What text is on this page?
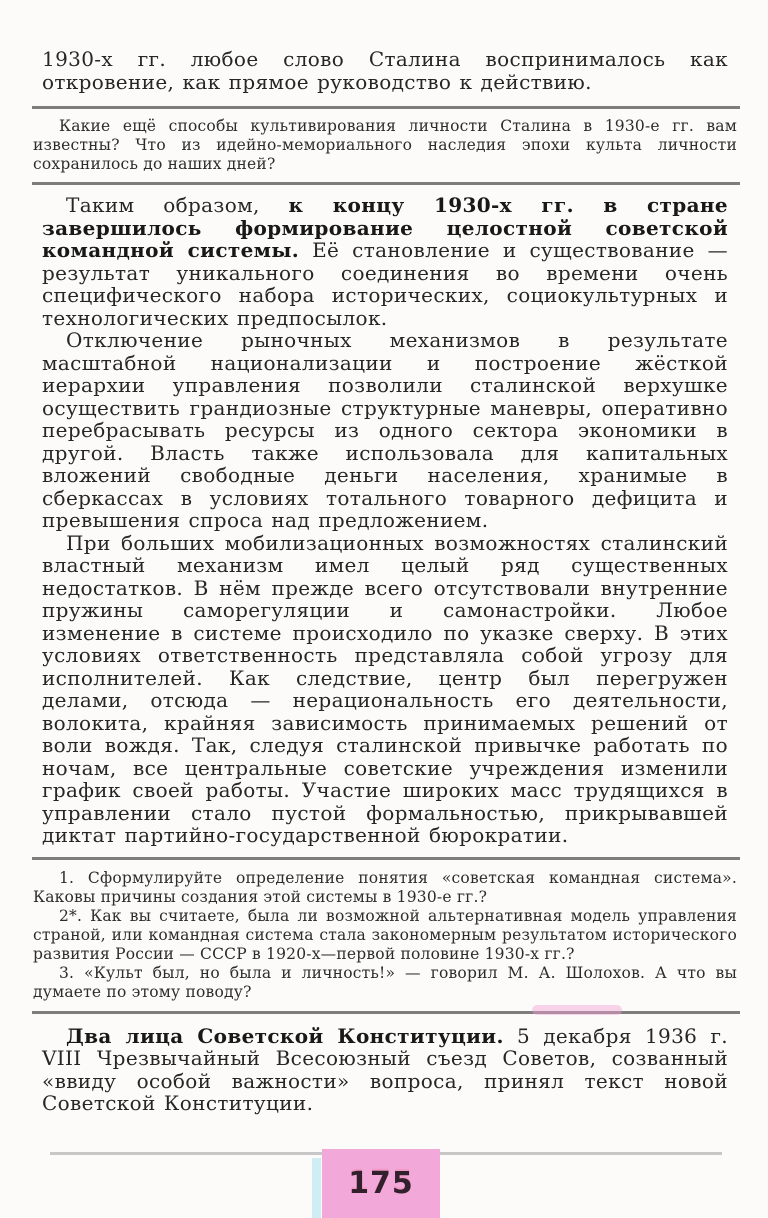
1930-х гг. любое слово Сталина воспринималось как откровение, как прямое руководство к действию.

Какие ещё способы культивирования личности Сталина в 1930-е гг. вам известны? Что из идейно-мемориального наследия эпохи культа личности сохранилось до наших дней?

Таким образом, к концу 1930-х гг. в стране завершилось формирование целостной советской командной системы. Её становление и существование — результат уникального соединения во времени очень специфического набора исторических, социокультурных и технологических предпосылок.

Отключение рыночных механизмов в результате масштабной национализации и построение жёсткой иерархии управления позволили сталинской верхушке осуществить грандиозные структурные маневры, оперативно перебрасывать ресурсы из одного сектора экономики в другой. Власть также использовала для капитальных вложений свободные деньги населения, хранимые в сберкассах в условиях тотального товарного дефицита и превышения спроса над предложением.

При больших мобилизационных возможностях сталинский властный механизм имел целый ряд существенных недостатков. В нём прежде всего отсутствовали внутренние пружины саморегуляции и самонастройки. Любое изменение в системе происходило по указке сверху. В этих условиях ответственность представляла собой угрозу для исполнителей. Как следствие, центр был перегружен делами, отсюда — нерациональность его деятельности, волокита, крайняя зависимость принимаемых решений от воли вождя. Так, следуя сталинской привычке работать по ночам, все центральные советские учреждения изменили график своей работы. Участие широких масс трудящихся в управлении стало пустой формальностью, прикрывавшей диктат партийно-государственной бюрократии.

1. Сформулируйте определение понятия «советская командная система». Каковы причины создания этой системы в 1930-е гг.?

2*. Как вы считаете, была ли возможной альтернативная модель управления страной, или командная система стала закономерным результатом исторического развития России — СССР в 1920-х—первой половине 1930-х гг.?

3. «Культ был, но была и личность!» — говорил М. А. Шолохов. А что вы думаете по этому поводу?

Два лица Советской Конституции. 5 декабря 1936 г. VIII Чрезвычайный Всесоюзный съезд Советов, созванный «ввиду особой важности» вопроса, принял текст новой Советской Конституции.

175
